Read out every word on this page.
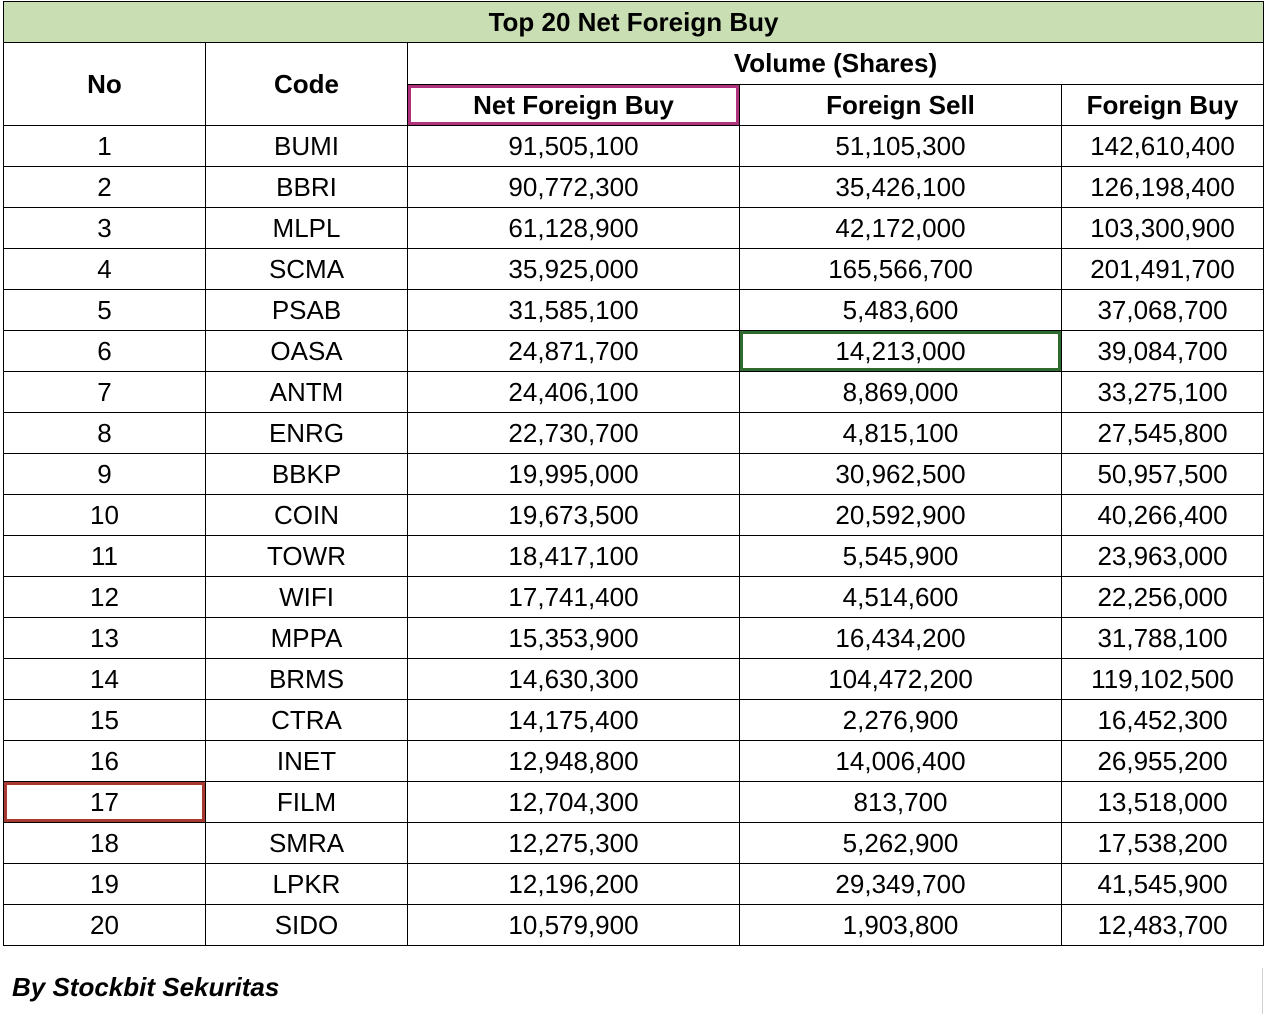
Top 20 Net Foreign Buy				
No	Code	Volume (Shares)		
		Net Foreign Buy	Foreign Sell	Foreign Buy
1	BUMI	91,505,100	51,105,300	142,610,400
2	BBRI	90,772,300	35,426,100	126,198,400
3	MLPL	61,128,900	42,172,000	103,300,900
4	SCMA	35,925,000	165,566,700	201,491,700
5	PSAB	31,585,100	5,483,600	37,068,700
6	OASA	24,871,700	14,213,000	39,084,700
7	ANTM	24,406,100	8,869,000	33,275,100
8	ENRG	22,730,700	4,815,100	27,545,800
9	BBKP	19,995,000	30,962,500	50,957,500
10	COIN	19,673,500	20,592,900	40,266,400
11	TOWR	18,417,100	5,545,900	23,963,000
12	WIFI	17,741,400	4,514,600	22,256,000
13	MPPA	15,353,900	16,434,200	31,788,100
14	BRMS	14,630,300	104,472,200	119,102,500
15	CTRA	14,175,400	2,276,900	16,452,300
16	INET	12,948,800	14,006,400	26,955,200
17	FILM	12,704,300	813,700	13,518,000
18	SMRA	12,275,300	5,262,900	17,538,200
19	LPKR	12,196,200	29,349,700	41,545,900
20	SIDO	10,579,900	1,903,800	12,483,700
By Stockbit Sekuritas
